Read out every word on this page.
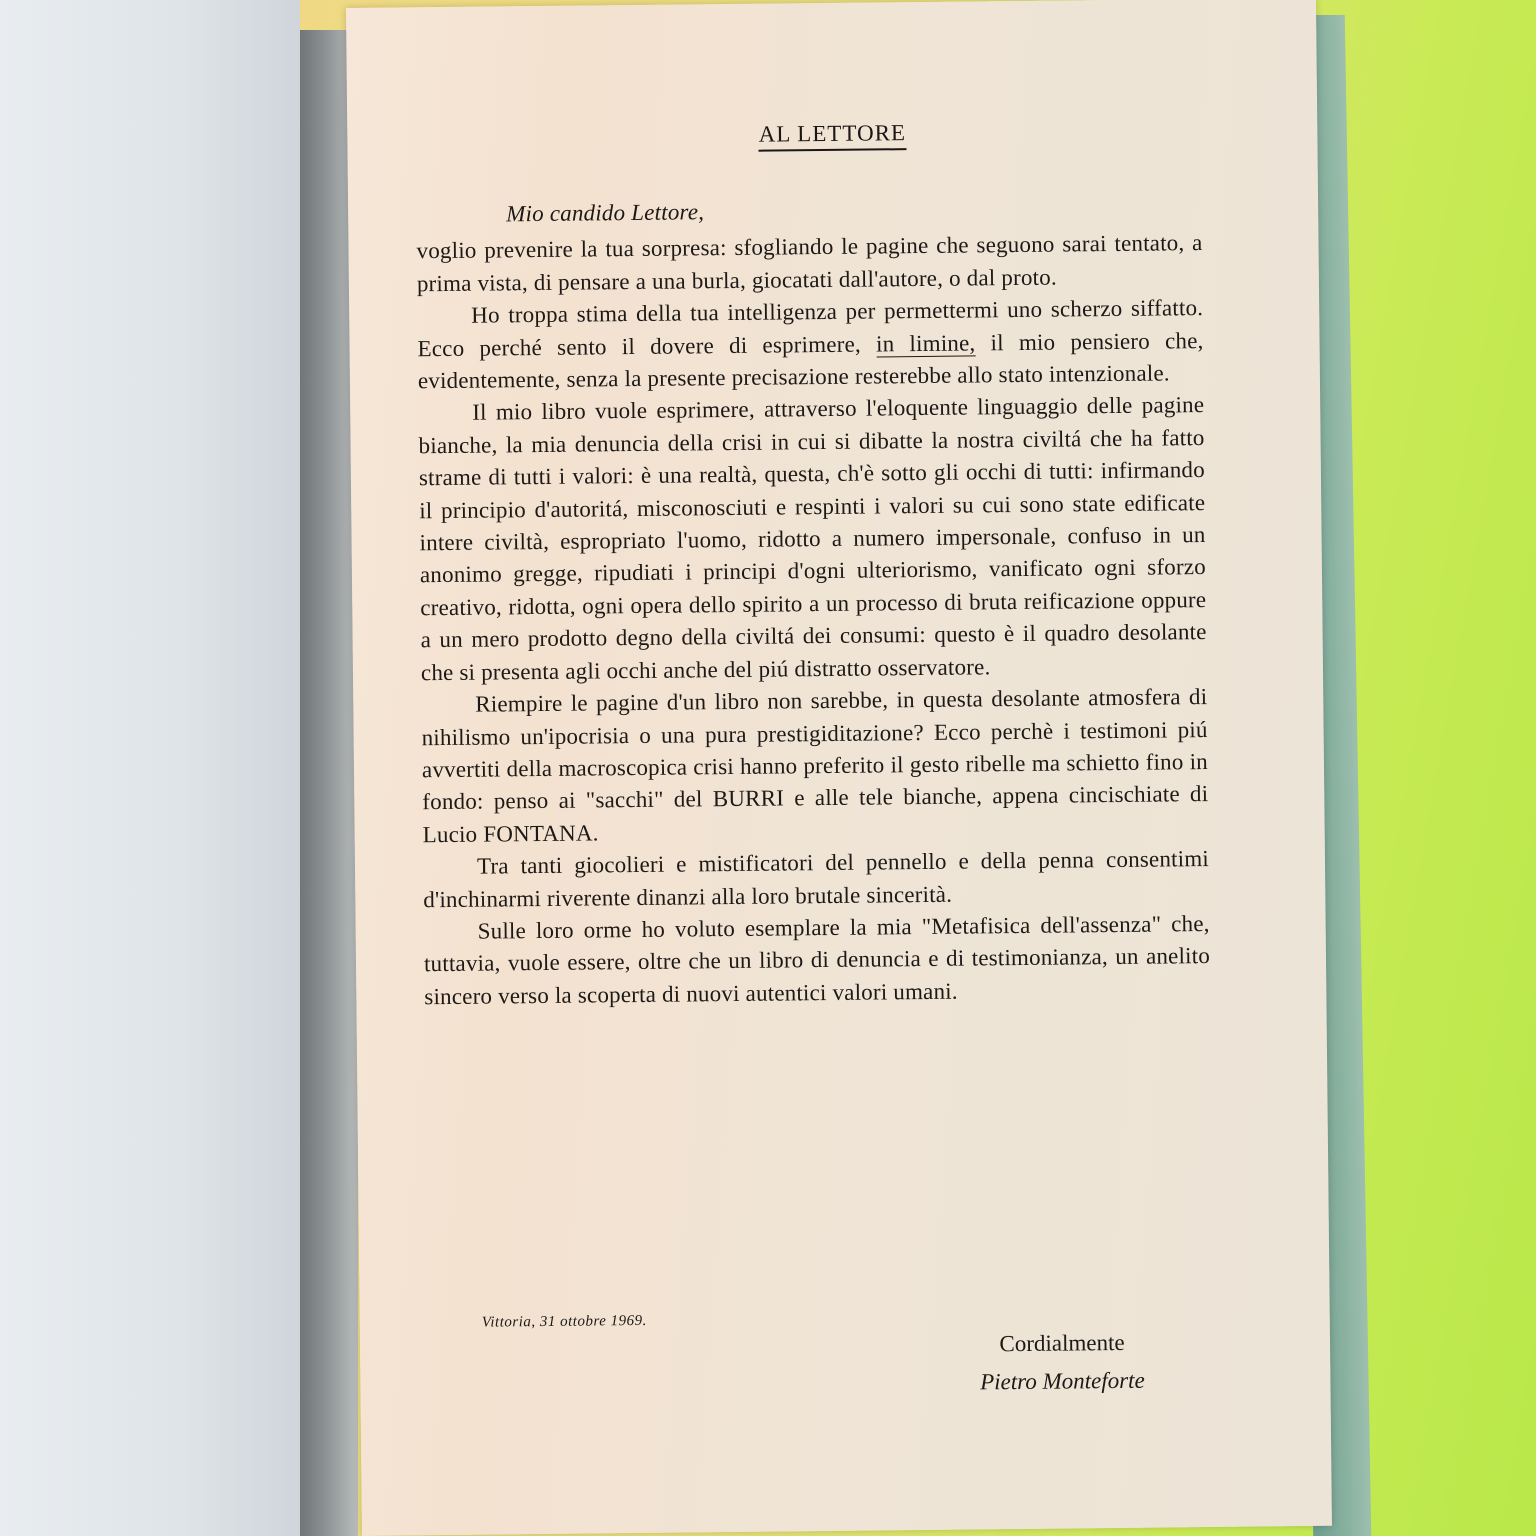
AL LETTORE
Mio candido Lettore,

voglio prevenire la tua sorpresa: sfogliando le pagine che seguono sarai tentato, a prima vista, di pensare a una burla, giocatati dall'autore, o dal proto.

Ho troppa stima della tua intelligenza per permettermi uno scherzo siffatto. Ecco perché sento il dovere di esprimere, in limine, il mio pensiero che, evidentemente, senza la presente precisazione resterebbe allo stato intenzionale.

Il mio libro vuole esprimere, attraverso l'eloquente linguaggio delle pagine bianche, la mia denuncia della crisi in cui si dibatte la nostra civiltá che ha fatto strame di tutti i valori: è una realtà, questa, ch'è sotto gli occhi di tutti: infirmando il principio d'autoritá, misconosciuti e respinti i valori su cui sono state edificate intere civiltà, espropriato l'uomo, ridotto a numero impersonale, confuso in un anonimo gregge, ripudiati i principi d'ogni ulteriorismo, vanificato ogni sforzo creativo, ridotta, ogni opera dello spirito a un processo di bruta reificazione oppure a un mero prodotto degno della civiltá dei consumi: questo è il quadro desolante che si presenta agli occhi anche del piú distratto osservatore.

Riempire le pagine d'un libro non sarebbe, in questa desolante atmosfera di nihilismo un'ipocrisia o una pura prestigiditazione? Ecco perchè i testimoni piú avvertiti della macroscopica crisi hanno preferito il gesto ribelle ma schietto fino in fondo: penso ai "sacchi" del BURRI e alle tele bianche, appena cincischiate di Lucio FONTANA.

Tra tanti giocolieri e mistificatori del pennello e della penna consentimi d'inchinarmi riverente dinanzi alla loro brutale sincerità.

Sulle loro orme ho voluto esemplare la mia "Metafisica dell'assenza" che, tuttavia, vuole essere, oltre che un libro di denuncia e di testimonianza, un anelito sincero verso la scoperta di nuovi autentici valori umani.

Vittoria, 31 ottobre 1969.
Cordialmente
Pietro Monteforte
